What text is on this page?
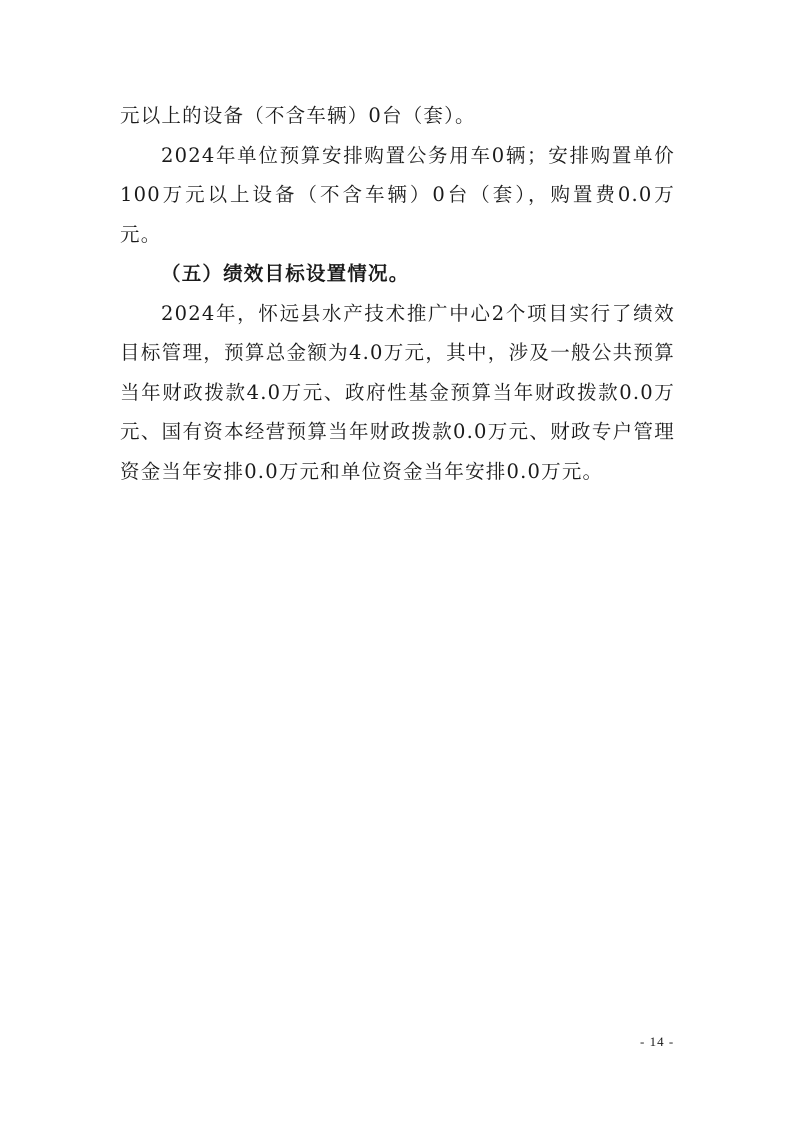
元以上的设备（不含车辆）0台（套）。

2024年单位预算安排购置公务用车0辆；安排购置单价100万元以上设备（不含车辆）0台（套），购置费0.0万元。

（五）绩效目标设置情况。

2024年，怀远县水产技术推广中心2个项目实行了绩效目标管理，预算总金额为4.0万元，其中，涉及一般公共预算当年财政拨款4.0万元、政府性基金预算当年财政拨款0.0万元、国有资本经营预算当年财政拨款0.0万元、财政专户管理资金当年安排0.0万元和单位资金当年安排0.0万元。

- 14 -
